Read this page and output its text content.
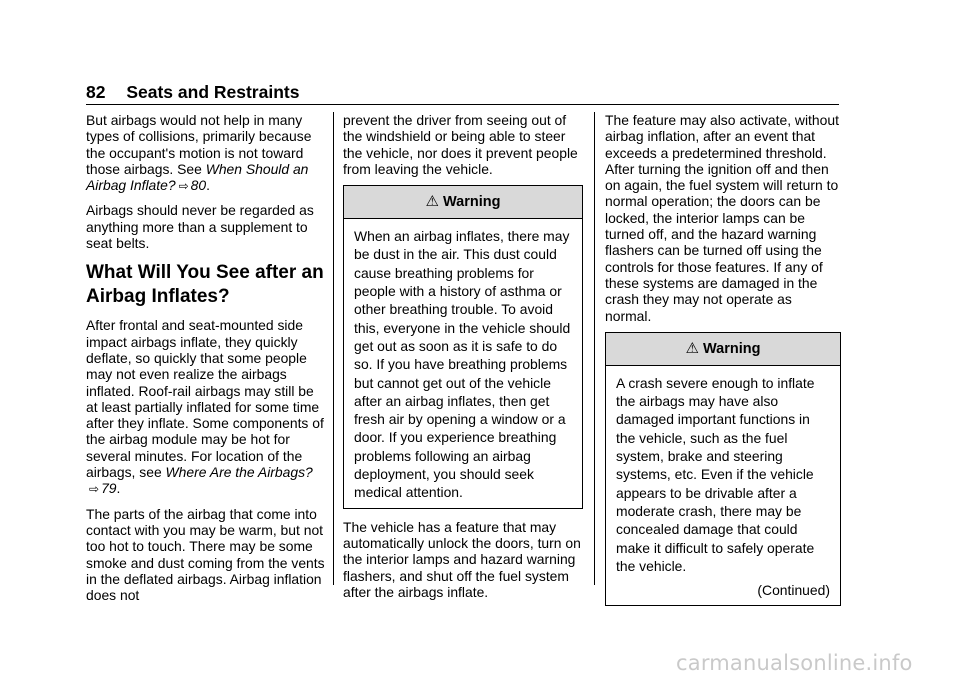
82 Seats and Restraints

But airbags would not help in many types of collisions, primarily because the occupant's motion is not toward those airbags. See When Should an Airbag Inflate? ⇨ 80.

Airbags should never be regarded as anything more than a supplement to seat belts.

What Will You See after an Airbag Inflates?

After frontal and seat-mounted side impact airbags inflate, they quickly deflate, so quickly that some people may not even realize the airbags inflated. Roof-rail airbags may still be at least partially inflated for some time after they inflate. Some components of the airbag module may be hot for several minutes. For location of the airbags, see Where Are the Airbags?⇨ 79.

The parts of the airbag that come into contact with you may be warm, but not too hot to touch. There may be some smoke and dust coming from the vents in the deflated airbags. Airbag inflation does not

prevent the driver from seeing out of the windshield or being able to steer the vehicle, nor does it prevent people from leaving the vehicle.

⚠ Warning
When an airbag inflates, there may be dust in the air. This dust could cause breathing problems for people with a history of asthma or other breathing trouble. To avoid this, everyone in the vehicle should get out as soon as it is safe to do so. If you have breathing problems but cannot get out of the vehicle after an airbag inflates, then get fresh air by opening a window or a door. If you experience breathing problems following an airbag deployment, you should seek medical attention.

The vehicle has a feature that may automatically unlock the doors, turn on the interior lamps and hazard warning flashers, and shut off the fuel system after the airbags inflate.

The feature may also activate, without airbag inflation, after an event that exceeds a predetermined threshold. After turning the ignition off and then on again, the fuel system will return to normal operation; the doors can be locked, the interior lamps can be turned off, and the hazard warning flashers can be turned off using the controls for those features. If any of these systems are damaged in the crash they may not operate as normal.

⚠ Warning
A crash severe enough to inflate the airbags may have also damaged important functions in the vehicle, such as the fuel system, brake and steering systems, etc. Even if the vehicle appears to be drivable after a moderate crash, there may be concealed damage that could make it difficult to safely operate the vehicle.
(Continued)
carmanualsonline.info
